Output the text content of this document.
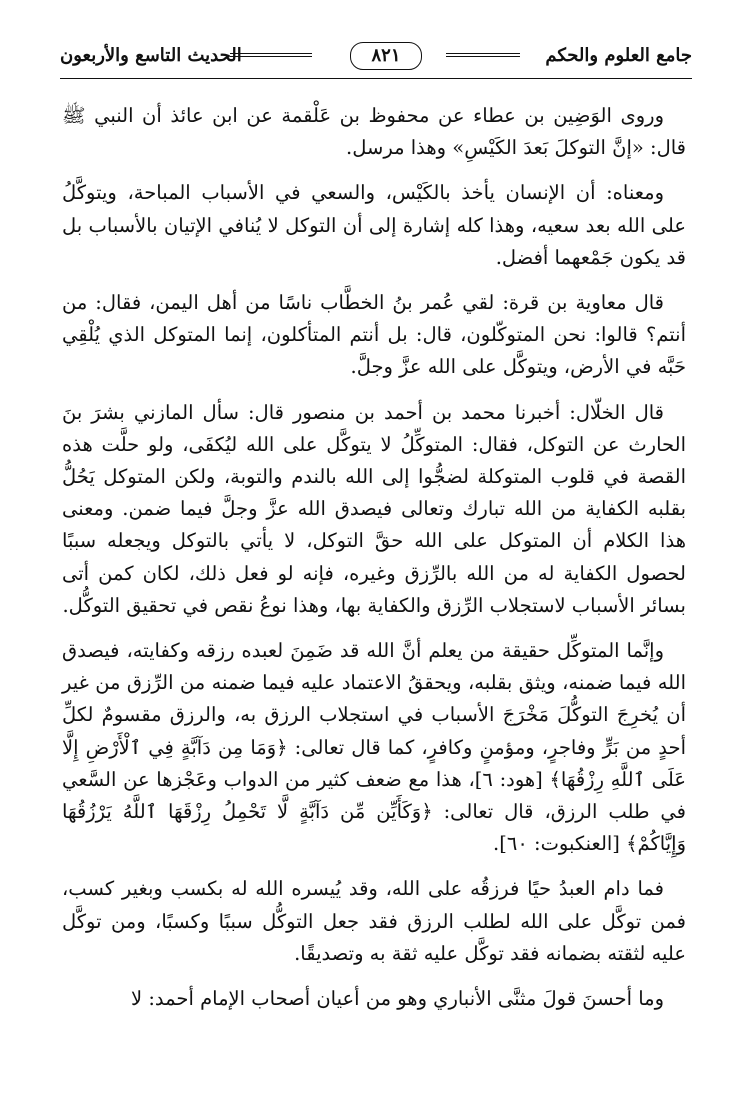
جامع العلوم والحكم
٨٢١
الحديث التاسع والأربعون

وروى الوَضِين بن عطاء عن محفوظ بن عَلْقمة عن ابن عائذ أن النبي ﷺ قال: «إنَّ التوكلَ بَعدَ الكَيْسِ» وهذا مرسل.

ومعناه: أن الإنسان يأخذ بالكَيْس، والسعي في الأسباب المباحة، ويتوكَّلُ على الله بعد سعيه، وهذا كله إشارة إلى أن التوكل لا يُنافي الإتيان بالأسباب بل قد يكون جَمْعهما أفضل.

قال معاوية بن قرة: لقي عُمر بنُ الخطَّاب ناسًا من أهل اليمن، فقال: من أنتم؟ قالوا: نحن المتوكّلون، قال: بل أنتم المتأكلون، إنما المتوكل الذي يُلْقِي حَبَّه في الأرض، ويتوكَّل على الله عزَّ وجلَّ.

قال الخلّال: أخبرنا محمد بن أحمد بن منصور قال: سأل المازني بشرَ بنَ الحارث عن التوكل، فقال: المتوكِّلُ لا يتوكَّل على الله ليُكفَى، ولو حلَّت هذه القصة في قلوب المتوكلة لضجُّوا إلى الله بالندم والتوبة، ولكن المتوكل يَحُلُّ بقلبه الكفاية من الله تبارك وتعالى فيصدق الله عزَّ وجلَّ فيما ضمن. ومعنى هذا الكلام أن المتوكل على الله حقَّ التوكل، لا يأتي بالتوكل ويجعله سببًا لحصول الكفاية له من الله بالرِّزق وغيره، فإنه لو فعل ذلك، لكان كمن أتى بسائر الأسباب لاستجلاب الرِّزق والكفاية بها، وهذا نوعُ نقص في تحقيق التوكُّل.

وإنَّما المتوكِّل حقيقة من يعلم أنَّ الله قد ضَمِنَ لعبده رزقه وكفايته، فيصدق الله فيما ضمنه، ويثق بقلبه، ويحققُ الاعتماد عليه فيما ضمنه من الرِّزق من غير أن يُخرِجَ التوكُّلَ مَخْرَجَ الأسباب في استجلاب الرزق به، والرزق مقسومٌ لكلِّ أحدٍ من بَرٍّ وفاجرٍ، ومؤمنٍ وكافرٍ، كما قال تعالى: ﴿وَمَا مِن دَآبَّةٍ فِي ٱلْأَرْضِ إِلَّا عَلَى ٱللَّهِ رِزْقُهَا﴾ [هود: ٦]، هذا مع ضعف كثير من الدواب وعَجْزها عن السَّعي في طلب الرزق، قال تعالى: ﴿وَكَأَيِّن مِّن دَآبَّةٍ لَّا تَحْمِلُ رِزْقَهَا ٱللَّهُ يَرْزُقُهَا وَإِيَّاكُمْ﴾ [العنكبوت: ٦٠].

فما دام العبدُ حيًا فرزقُه على الله، وقد يُيسره الله له بكسب وبغير كسب، فمن توكَّل على الله لطلب الرزق فقد جعل التوكُّل سببًا وكسبًا، ومن توكَّل عليه لثقته بضمانه فقد توكَّل عليه ثقة به وتصديقًا.

وما أحسنَ قولَ مثنَّى الأنباري وهو من أعيان أصحاب الإمام أحمد: لا
